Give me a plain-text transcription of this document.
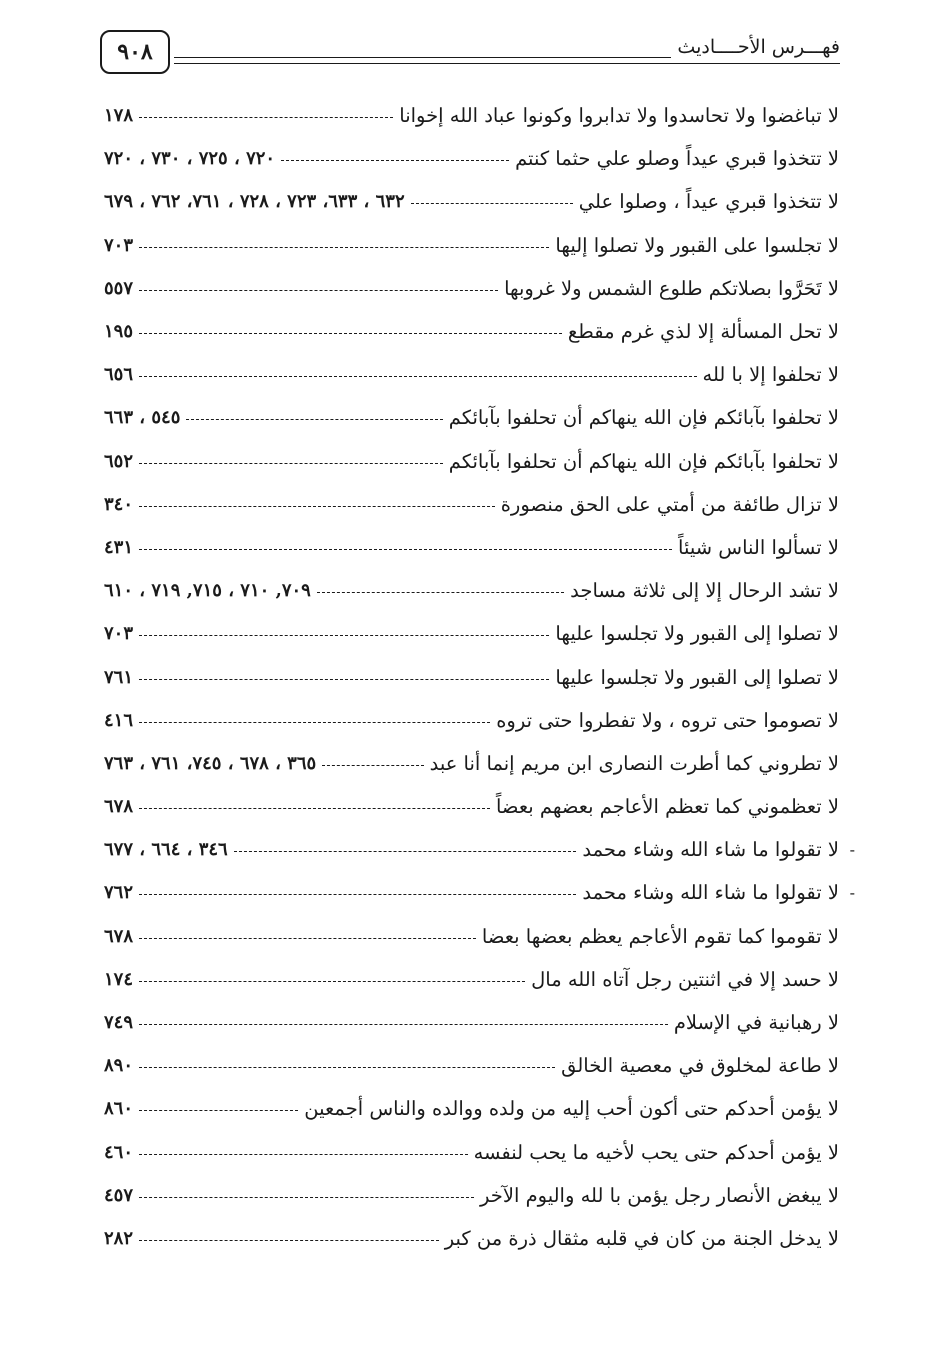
٩٠٨	فهـــرس الأحــــاديث
لا تباغضوا ولا تحاسدوا ولا تدابروا وكونوا عباد الله إخوانا
١٧٨
لا تتخذوا قبري عيداً وصلو علي حثما كنتم
٧٢٠ ، ٧٢٥ ، ٧٣٠ ، ٧٢٠
لا تتخذوا قبري عيداً ، وصلوا علي
٦٣٢ ، ٦٣٣، ٧٢٣ ، ٧٢٨ ، ٧٦١، ٧٦٢ ، ٦٧٩
لا تجلسوا على القبور ولا تصلوا إليها
٧٠٣
لا تَحَرَّوا بصلاتكم طلوع الشمس ولا غروبها
٥٥٧
لا تحل المسألة إلا لذي غرم مقطع
١٩٥
لا تحلفوا إلا با لله
٦٥٦
لا تحلفوا بآبائكم فإن الله ينهاكم أن تحلفوا بآبائكم
٥٤٥ ، ٦٦٣
لا تحلفوا بآبائكم فإن الله ينهاكم أن تحلفوا بآبائكم
٦٥٢
لا تزال طائفة من أمتي على الحق منصورة
٣٤٠
لا تسألوا الناس شيئاً
٤٣١
لا تشد الرحال إلا إلى ثلاثة مساجد
٧٠٩, ٧١٠ ، ٧١٥, ٧١٩ ، ٦١٠
لا تصلوا إلى القبور ولا تجلسوا عليها
٧٠٣
لا تصلوا إلى القبور ولا تجلسوا عليها
٧٦١
لا تصوموا حتى تروه ، ولا تفطروا حتى تروه
٤١٦
لا تطروني كما أطرت النصارى ابن مريم إنما أنا عبد
٣٦٥ ، ٦٧٨ ، ٧٤٥، ٧٦١ ، ٧٦٣
لا تعظموني كما تعظم الأعاجم بعضهم بعضاً
٦٧٨
-
لا تقولوا ما شاء الله وشاء محمد
٣٤٦ ، ٦٦٤ ، ٦٧٧
-
لا تقولوا ما شاء الله وشاء محمد
٧٦٢
لا تقوموا كما تقوم الأعاجم يعظم بعضها بعضا
٦٧٨
لا حسد إلا في اثنتين رجل آتاه الله مال
١٧٤
لا رهبانية في الإسلام
٧٤٩
لا طاعة لمخلوق في معصية الخالق
٨٩٠
لا يؤمن أحدكم حتى أكون أحب إليه من ولده ووالده والناس أجمعين
٨٦٠
لا يؤمن أحدكم حتى يحب لأخيه ما يحب لنفسه
٤٦٠
لا يبغض الأنصار رجل يؤمن با لله واليوم الآخر
٤٥٧
لا يدخل الجنة من كان في قلبه مثقال ذرة من كبر
٢٨٢
